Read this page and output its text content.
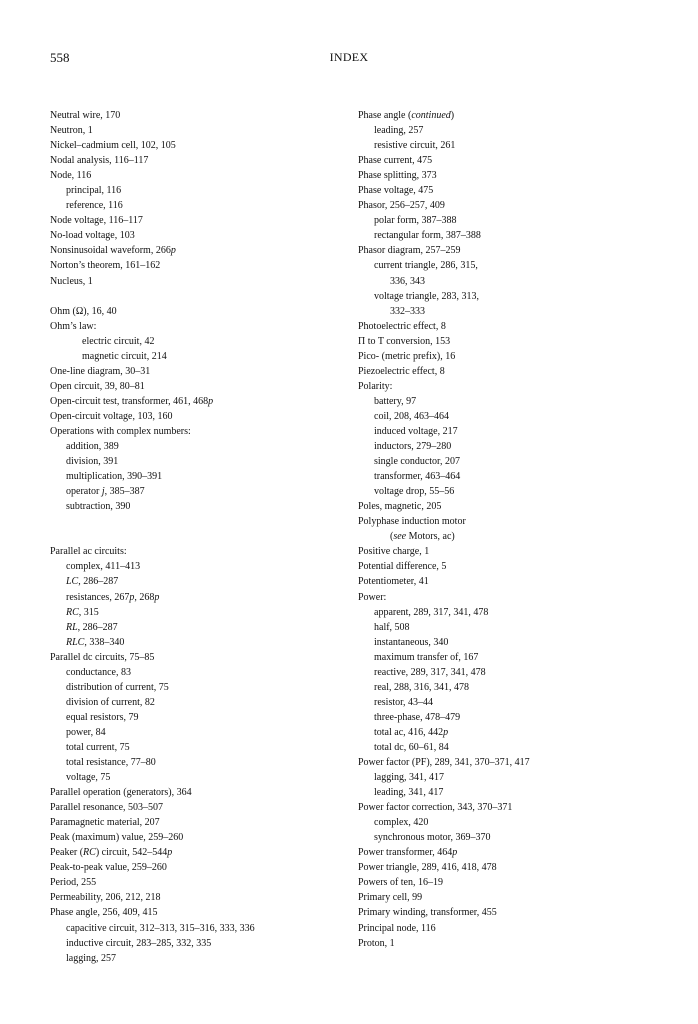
558	INDEX
Neutral wire, 170
Neutron, 1
Nickel–cadmium cell, 102, 105
Nodal analysis, 116–117
Node, 116
principal, 116
reference, 116
Node voltage, 116–117
No-load voltage, 103
Nonsinusoidal waveform, 266p
Norton’s theorem, 161–162
Nucleus, 1
Ohm (Ω), 16, 40
Ohm’s law:
electric circuit, 42
magnetic circuit, 214
One-line diagram, 30–31
Open circuit, 39, 80–81
Open-circuit test, transformer, 461, 468p
Open-circuit voltage, 103, 160
Operations with complex numbers:
addition, 389
division, 391
multiplication, 390–391
operator j, 385–387
subtraction, 390
Parallel ac circuits:
complex, 411–413
LC, 286–287
resistances, 267p, 268p
RC, 315
RL, 286–287
RLC, 338–340
Parallel dc circuits, 75–85
conductance, 83
distribution of current, 75
division of current, 82
equal resistors, 79
power, 84
total current, 75
total resistance, 77–80
voltage, 75
Parallel operation (generators), 364
Parallel resonance, 503–507
Paramagnetic material, 207
Peak (maximum) value, 259–260
Peaker (RC) circuit, 542–544p
Peak-to-peak value, 259–260
Period, 255
Permeability, 206, 212, 218
Phase angle, 256, 409, 415
capacitive circuit, 312–313, 315–316, 333, 336
inductive circuit, 283–285, 332, 335
lagging, 257
Phase angle (continued)
leading, 257
resistive circuit, 261
Phase current, 475
Phase splitting, 373
Phase voltage, 475
Phasor, 256–257, 409
polar form, 387–388
rectangular form, 387–388
Phasor diagram, 257–259
current triangle, 286, 315,
336, 343
voltage triangle, 283, 313,
332–333
Photoelectric effect, 8
Π to T conversion, 153
Pico- (metric prefix), 16
Piezoelectric effect, 8
Polarity:
battery, 97
coil, 208, 463–464
induced voltage, 217
inductors, 279–280
single conductor, 207
transformer, 463–464
voltage drop, 55–56
Poles, magnetic, 205
Polyphase induction motor
(see Motors, ac)
Positive charge, 1
Potential difference, 5
Potentiometer, 41
Power:
apparent, 289, 317, 341, 478
half, 508
instantaneous, 340
maximum transfer of, 167
reactive, 289, 317, 341, 478
real, 288, 316, 341, 478
resistor, 43–44
three-phase, 478–479
total ac, 416, 442p
total dc, 60–61, 84
Power factor (PF), 289, 341, 370–371, 417
lagging, 341, 417
leading, 341, 417
Power factor correction, 343, 370–371
complex, 420
synchronous motor, 369–370
Power transformer, 464p
Power triangle, 289, 416, 418, 478
Powers of ten, 16–19
Primary cell, 99
Primary winding, transformer, 455
Principal node, 116
Proton, 1
